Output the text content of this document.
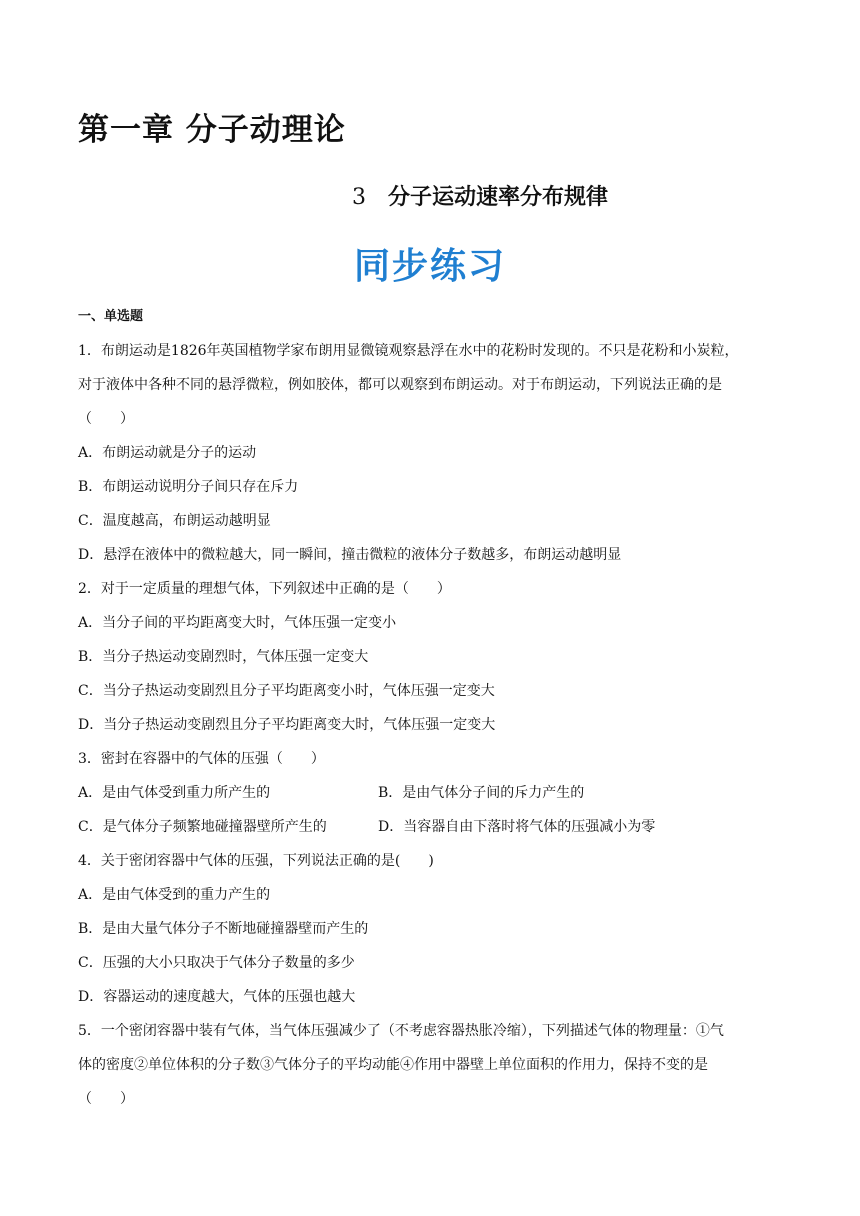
第一章 分子动理论
3 分子运动速率分布规律
同步练习
一、单选题
1．布朗运动是1826年英国植物学家布朗用显微镜观察悬浮在水中的花粉时发现的。不只是花粉和小炭粒，
对于液体中各种不同的悬浮微粒，例如胶体，都可以观察到布朗运动。对于布朗运动，下列说法正确的是
（　　）
A．布朗运动就是分子的运动
B．布朗运动说明分子间只存在斥力
C．温度越高，布朗运动越明显
D．悬浮在液体中的微粒越大，同一瞬间，撞击微粒的液体分子数越多，布朗运动越明显
2．对于一定质量的理想气体，下列叙述中正确的是（　　）
A．当分子间的平均距离变大时，气体压强一定变小
B．当分子热运动变剧烈时，气体压强一定变大
C．当分子热运动变剧烈且分子平均距离变小时，气体压强一定变大
D．当分子热运动变剧烈且分子平均距离变大时，气体压强一定变大
3．密封在容器中的气体的压强（　　）
A．是由气体受到重力所产生的	B．是由气体分子间的斥力产生的
C．是气体分子频繁地碰撞器壁所产生的	D．当容器自由下落时将气体的压强减小为零
4．关于密闭容器中气体的压强，下列说法正确的是(　　)
A．是由气体受到的重力产生的
B．是由大量气体分子不断地碰撞器壁而产生的
C．压强的大小只取决于气体分子数量的多少
D．容器运动的速度越大，气体的压强也越大
5．一个密闭容器中装有气体，当气体压强减少了（不考虑容器热胀冷缩），下列描述气体的物理量：①气
体的密度②单位体积的分子数③气体分子的平均动能④作用中器壁上单位面积的作用力，保持不变的是
（　　）
